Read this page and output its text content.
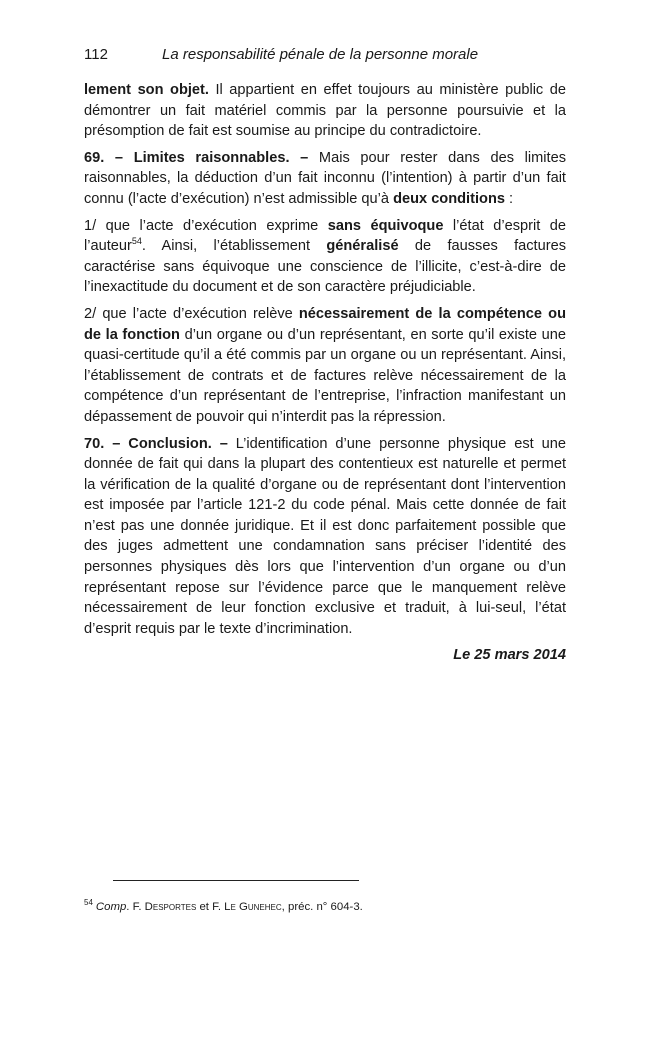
112	La responsabilité pénale de la personne morale

lement son objet. Il appartient en effet toujours au ministère public de démontrer un fait matériel commis par la personne poursuivie et la présomption de fait est soumise au principe du contradictoire.

69. – Limites raisonnables. – Mais pour rester dans des limites raisonnables, la déduction d’un fait inconnu (l’intention) à partir d’un fait connu (l’acte d’exécution) n’est admissible qu’à deux conditions :

1/ que l’acte d’exécution exprime sans équivoque l’état d’esprit de l’auteur$^{54}$. Ainsi, l’établissement généralisé de fausses factures caractérise sans équivoque une conscience de l’illicite, c’est-à-dire de l’inexactitude du document et de son caractère préjudiciable.

2/ que l’acte d’exécution relève nécessairement de la compétence ou de la fonction d’un organe ou d’un représentant, en sorte qu’il existe une quasi-certitude qu’il a été commis par un organe ou un représentant. Ainsi, l’établissement de contrats et de factures relève nécessairement de la compétence d’un représentant de l’entreprise, l’infraction manifestant un dépassement de pouvoir qui n’interdit pas la répression.

70. – Conclusion. – L’identification d’une personne physique est une donnée de fait qui dans la plupart des contentieux est naturelle et permet la vérification de la qualité d’organe ou de représentant dont l’intervention est imposée par l’article 121-2 du code pénal. Mais cette donnée de fait n’est pas une donnée juridique. Et il est donc parfaitement possible que des juges admettent une condamnation sans préciser l’identité des personnes physiques dès lors que l’intervention d’un organe ou d’un représentant repose sur l’évidence parce que le manquement relève nécessairement de leur fonction exclusive et traduit, à lui-seul, l’état d’esprit requis par le texte d’incrimination.

Le 25 mars 2014
$^{54}$ Comp. F. Desportes et F. Le Gunehec, préc. n° 604-3.
